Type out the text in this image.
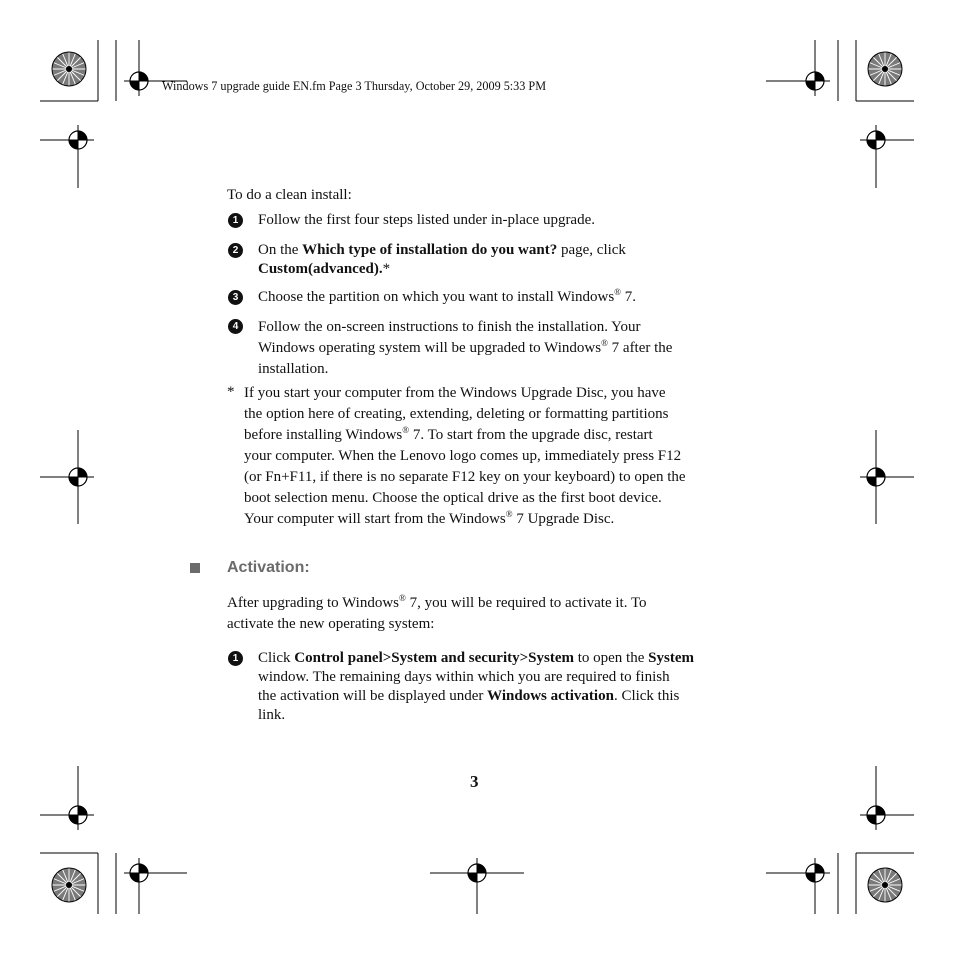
Windows 7 upgrade guide EN.fm Page 3 Thursday, October 29, 2009 5:33 PM

To do a clean install:

1	Follow the first four steps listed under in-place upgrade.

2	On the Which type of installation do you want? page, click
Custom(advanced).*

3	Choose the partition on which you want to install Windows® 7.

4	Follow the on-screen instructions to finish the installation. Your
Windows operating system will be upgraded to Windows® 7 after the
installation.

* If you start your computer from the Windows Upgrade Disc, you have
the option here of creating, extending, deleting or formatting partitions
before installing Windows® 7. To start from the upgrade disc, restart
your computer. When the Lenovo logo comes up, immediately press F12
(or Fn+F11, if there is no separate F12 key on your keyboard) to open the
boot selection menu. Choose the optical drive as the first boot device.
Your computer will start from the Windows® 7 Upgrade Disc.

Activation:

After upgrading to Windows® 7, you will be required to activate it. To
activate the new operating system:

1	Click Control panel>System and security>System to open the System
window. The remaining days within which you are required to finish
the activation will be displayed under Windows activation. Click this
link.

3
